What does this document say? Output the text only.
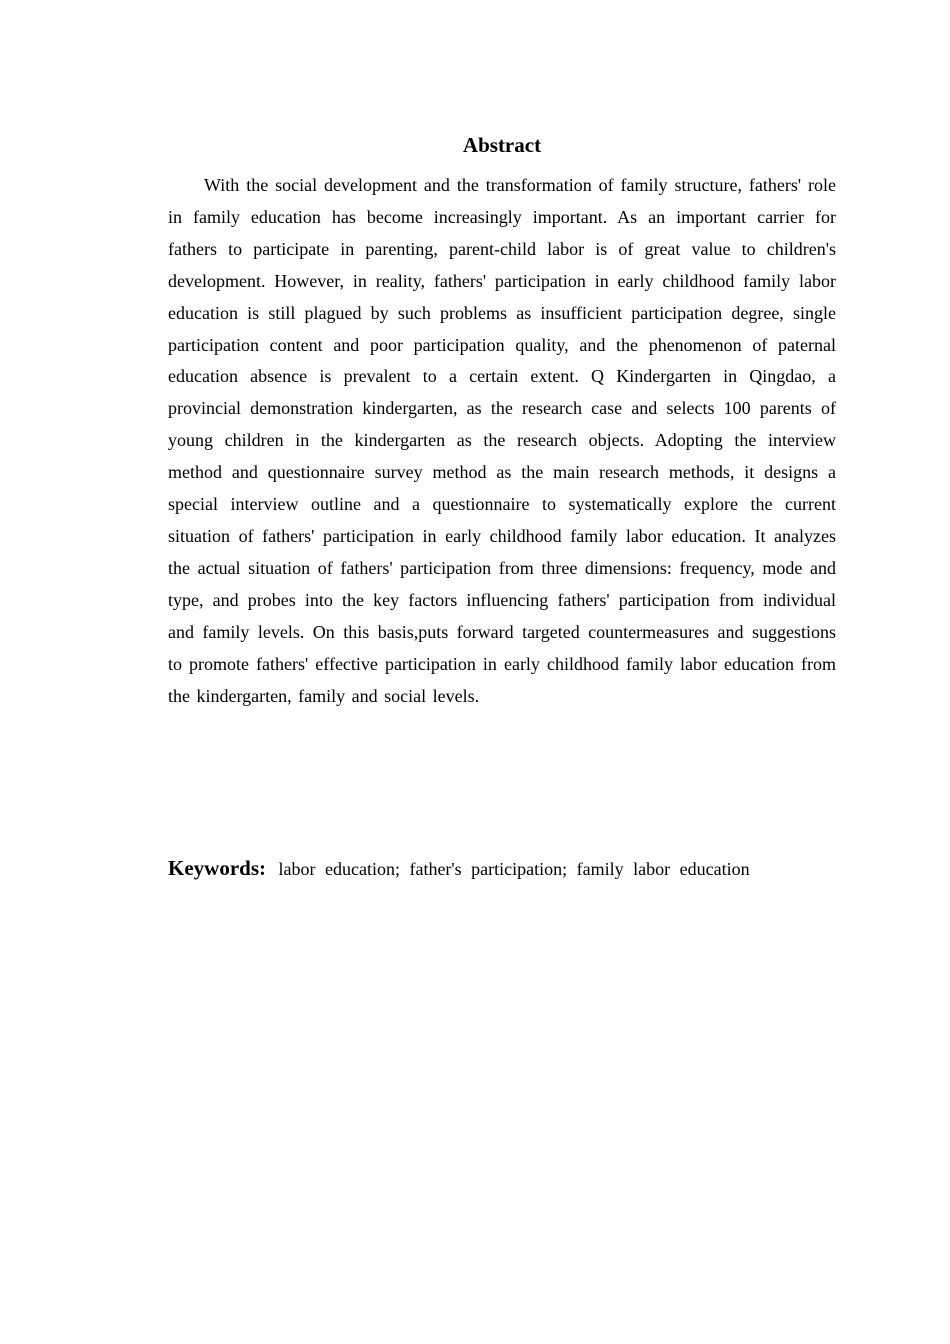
Abstract

With the social development and the transformation of family structure, fathers' role in family education has become increasingly important. As an important carrier for fathers to participate in parenting, parent-child labor is of great value to children's development. However, in reality, fathers' participation in early childhood family labor education is still plagued by such problems as insufficient participation degree, single participation content and poor participation quality, and the phenomenon of paternal education absence is prevalent to a certain extent. Q Kindergarten in Qingdao, a provincial demonstration kindergarten, as the research case and selects 100 parents of young children in the kindergarten as the research objects. Adopting the interview method and questionnaire survey method as the main research methods, it designs a special interview outline and a questionnaire to systematically explore the current situation of fathers' participation in early childhood family labor education. It analyzes the actual situation of fathers' participation from three dimensions: frequency, mode and type, and probes into the key factors influencing fathers' participation from individual and family levels. On this basis,puts forward targeted countermeasures and suggestions to promote fathers' effective participation in early childhood family labor education from the kindergarten, family and social levels.

Keywords: labor education; father's participation; family labor education
